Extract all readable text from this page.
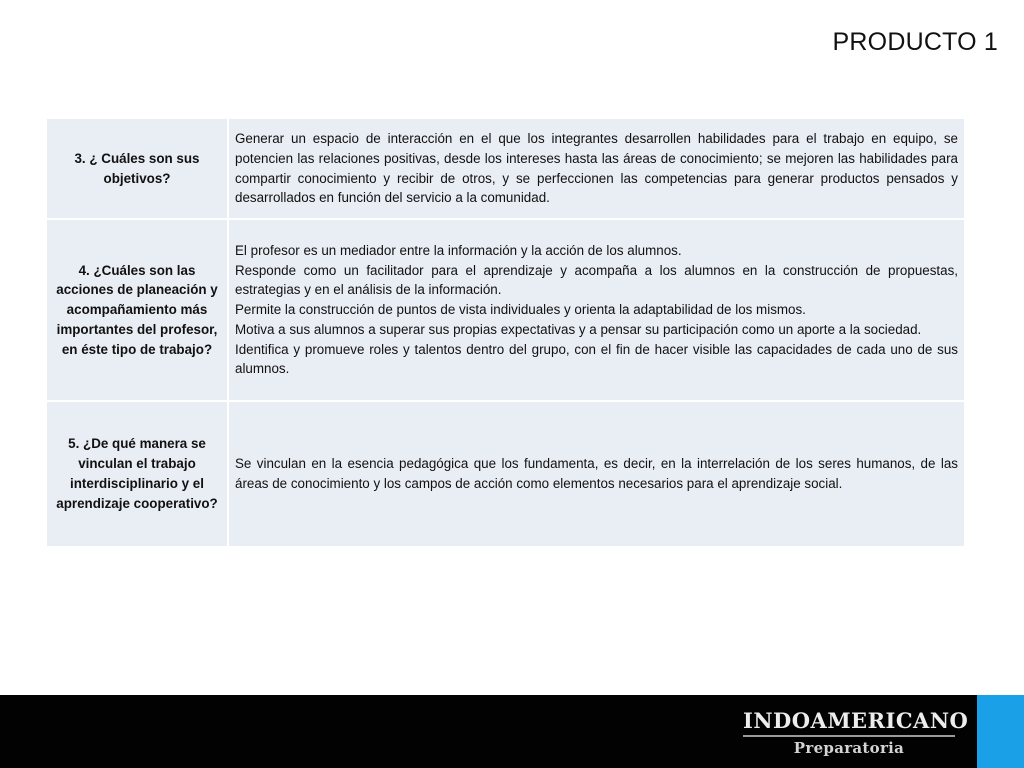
PRODUCTO 1
3. ¿ Cuáles son sus objetivos?	Generar un espacio de interacción en el que los integrantes desarrollen habilidades para el trabajo en equipo, se potencien las relaciones positivas, desde los intereses hasta las áreas de conocimiento; se mejoren las habilidades para compartir conocimiento y recibir de otros, y se perfeccionen las competencias para generar productos pensados y desarrollados en función del servicio a la comunidad.

4. ¿Cuáles son las acciones de planeación y acompañamiento más importantes del profesor, en éste tipo de trabajo?	El profesor es un mediador entre la información y la acción de los alumnos.
Responde como un facilitador para el aprendizaje y acompaña a los alumnos en la construcción de propuestas, estrategias y en el análisis de la información.
Permite la construcción de puntos de vista individuales y orienta la adaptabilidad de los mismos.
Motiva a sus alumnos a superar sus propias expectativas y a pensar su participación como un aporte a la sociedad.
Identifica y promueve roles y talentos dentro del grupo, con el fin de hacer visible las capacidades de cada uno de sus alumnos.

5. ¿De qué manera se vinculan el trabajo interdisciplinario y el aprendizaje cooperativo?	Se vinculan en la esencia pedagógica que los fundamenta, es decir, en la interrelación de los seres humanos, de las áreas de conocimiento y los campos de acción como elementos necesarios para el aprendizaje social.
INDOAMERICANO
Preparatoria
